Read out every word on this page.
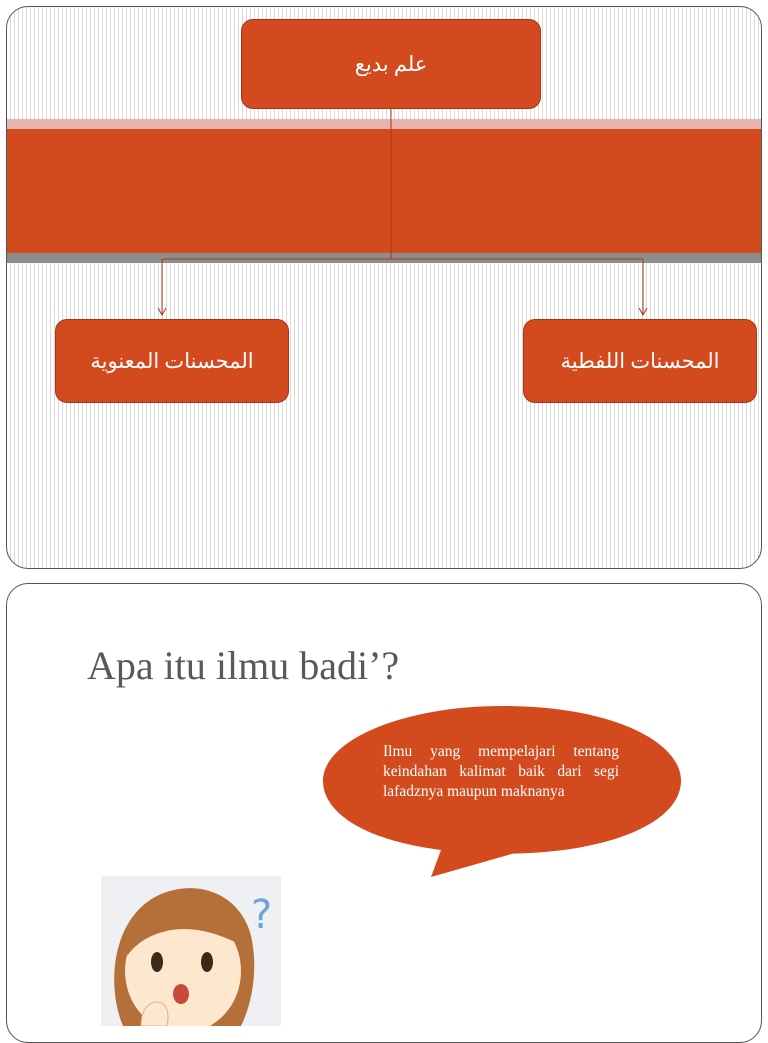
علم بديع
المحسنات المعنوية	المحسنات اللفطية
Apa itu ilmu badi’?
Ilmu yang mempelajari tentang keindahan kalimat baik dari segi lafadznya maupun maknanya
?
